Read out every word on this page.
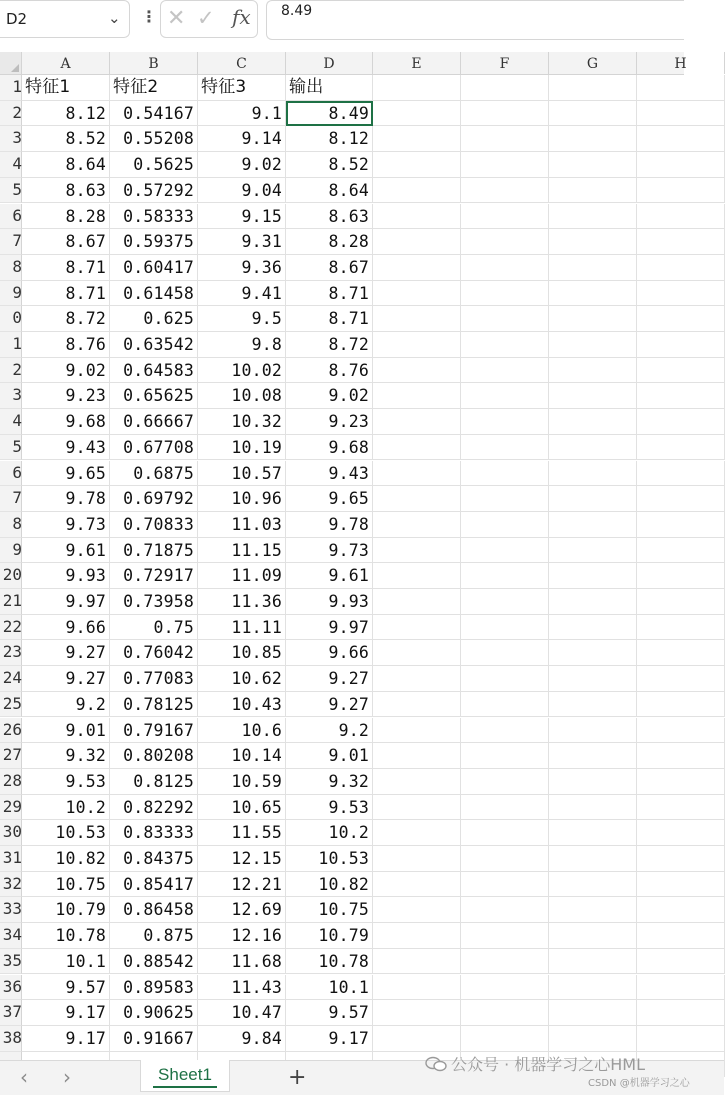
D2	⌄ ⋮ ✕ ✓ fx 8.49
A	B	C	D	E	F	G	H
1 特征1	特征2	特征3	输出
2	8.12	0.54167	9.1	8.49
3	8.52	0.55208	9.14	8.12
4	8.64	0.5625	9.02	8.52
5	8.63	0.57292	9.04	8.64
6	8.28	0.58333	9.15	8.63
7	8.67	0.59375	9.31	8.28
8	8.71	0.60417	9.36	8.67
9	8.71	0.61458	9.41	8.71
0	8.72	0.625	9.5	8.71
1	8.76	0.63542	9.8	8.72
2	9.02	0.64583	10.02	8.76
3	9.23	0.65625	10.08	9.02
4	9.68	0.66667	10.32	9.23
5	9.43	0.67708	10.19	9.68
6	9.65	0.6875	10.57	9.43
7	9.78	0.69792	10.96	9.65
8	9.73	0.70833	11.03	9.78
9	9.61	0.71875	11.15	9.73
20	9.93	0.72917	11.09	9.61
21	9.97	0.73958	11.36	9.93
22	9.66	0.75	11.11	9.97
23	9.27	0.76042	10.85	9.66
24	9.27	0.77083	10.62	9.27
25	9.2	0.78125	10.43	9.27
26	9.01	0.79167	10.6	9.2
27	9.32	0.80208	10.14	9.01
28	9.53	0.8125	10.59	9.32
29	10.2	0.82292	10.65	9.53
30	10.53	0.83333	11.55	10.2
31	10.82	0.84375	12.15	10.53
32	10.75	0.85417	12.21	10.82
33	10.79	0.86458	12.69	10.75
34	10.78	0.875	12.16	10.79
35	10.1	0.88542	11.68	10.78
36	9.57	0.89583	11.43	10.1
37	9.17	0.90625	10.47	9.57
38	9.17	0.91667	9.84	9.17
‹ ›	Sheet1	+
公众号 · 机器学习之心HML
CSDN @机器学习之心
